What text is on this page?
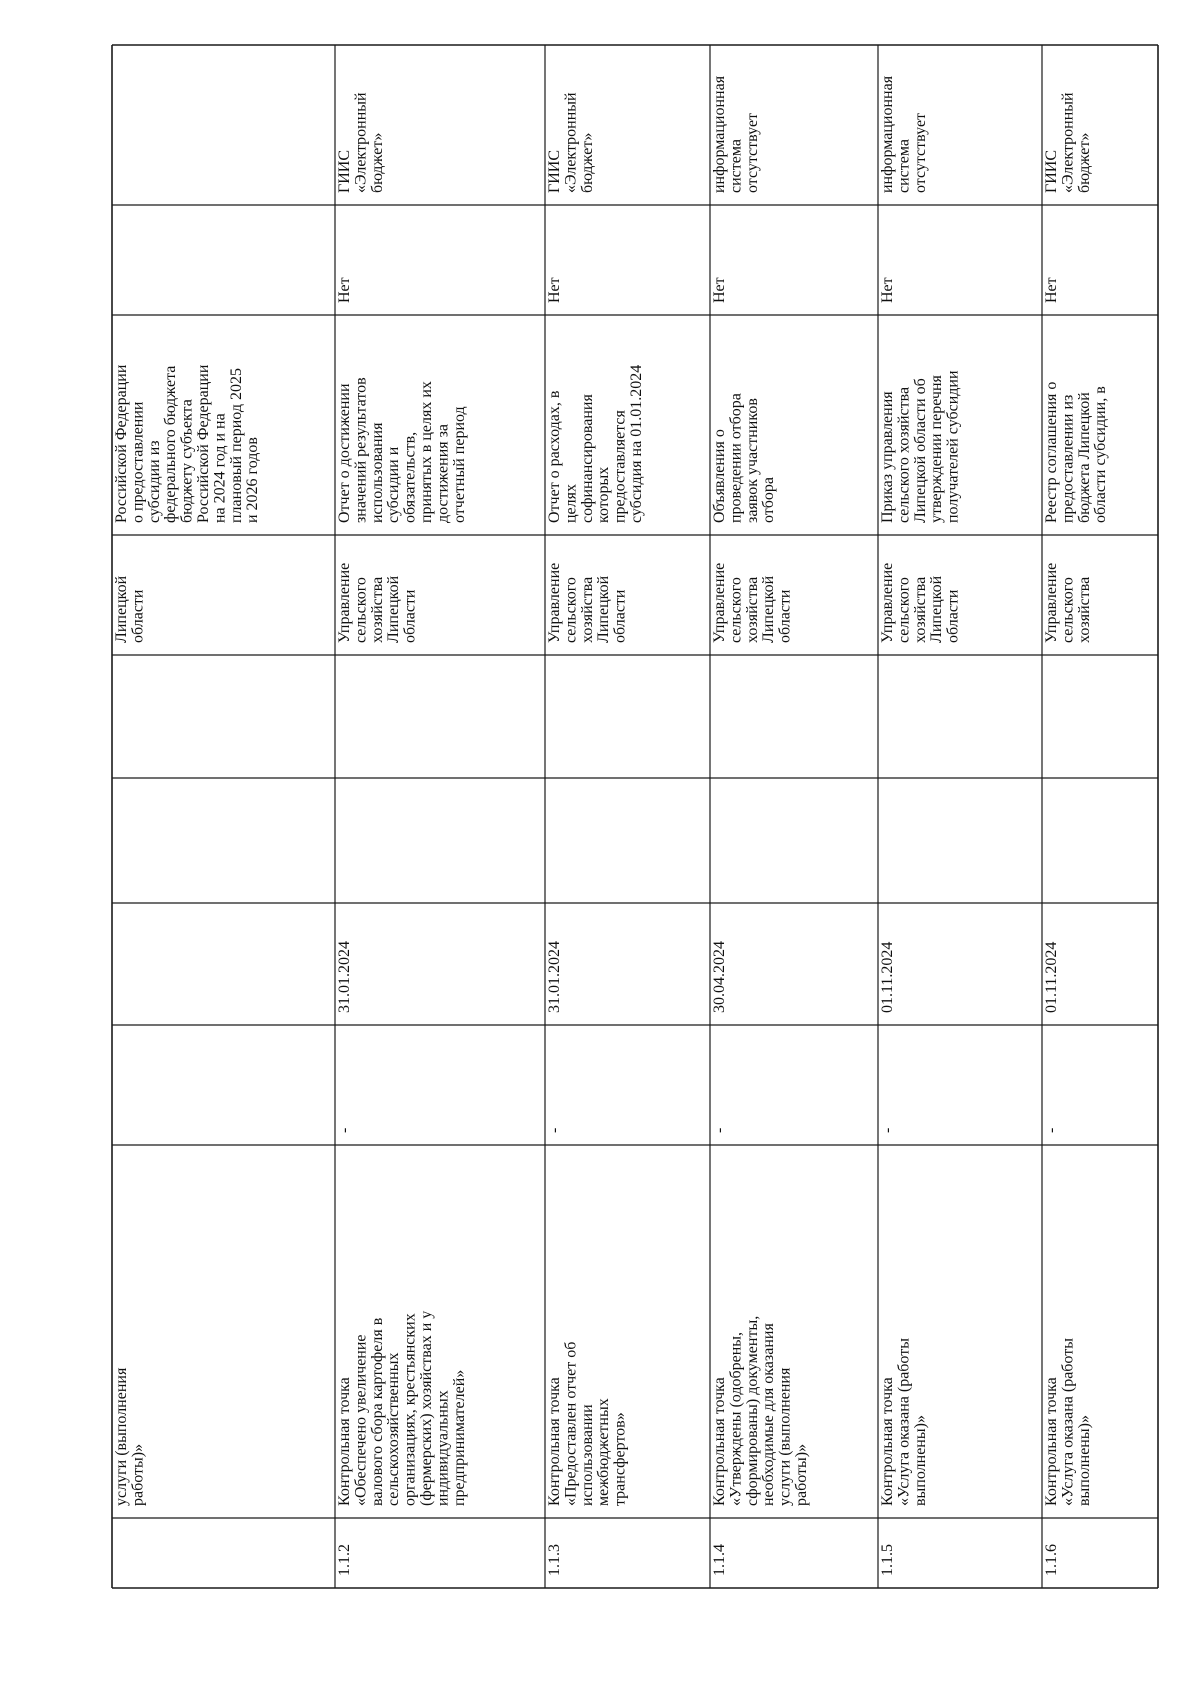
услуги (выполнения работы)»
Липецкой области
Российской Федерации о предоставлении субсидии из федерального бюджета бюджету субъекта Российской Федерации на 2024 год и на плановый период 2025 и 2026 годов
1.1.2
Контрольная точка «Обеспечено увеличение валового сбора картофеля в сельскохозяйственных организациях, крестьянских (фермерских) хозяйствах и у индивидуальных предпринимателей»
-
31.01.2024
Управление сельского хозяйства Липецкой области
Отчет о достижении значений результатов использования субсидии и обязательств, принятых в целях их достижения за отчетный период
Нет
ГИИС «Электронный бюджет»
1.1.3
Контрольная точка «Предоставлен отчет об использовании межбюджетных трансфертов»
-
31.01.2024
Управление сельского хозяйства Липецкой области
Отчет о расходах, в целях софинансирования которых предоставляется субсидия на 01.01.2024
Нет
ГИИС «Электронный бюджет»
1.1.4
Контрольная точка «Утверждены (одобрены, сформированы) документы, необходимые для оказания услуги (выполнения работы)»
-
30.04.2024
Управление сельского хозяйства Липецкой области
Объявления о проведении отбора заявок участников отбора
Нет
информационная система отсутствует
1.1.5
Контрольная точка «Услуга оказана (работы выполнены)»
-
01.11.2024
Управление сельского хозяйства Липецкой области
Приказ управления сельского хозяйства Липецкой области об утверждении перечня получателей субсидии
Нет
информационная система отсутствует
1.1.6
Контрольная точка «Услуга оказана (работы выполнены)»
-
01.11.2024
Управление сельского хозяйства
Реестр соглашения о предоставлении из бюджета Липецкой области субсидии, в
Нет
ГИИС «Электронный бюджет»
